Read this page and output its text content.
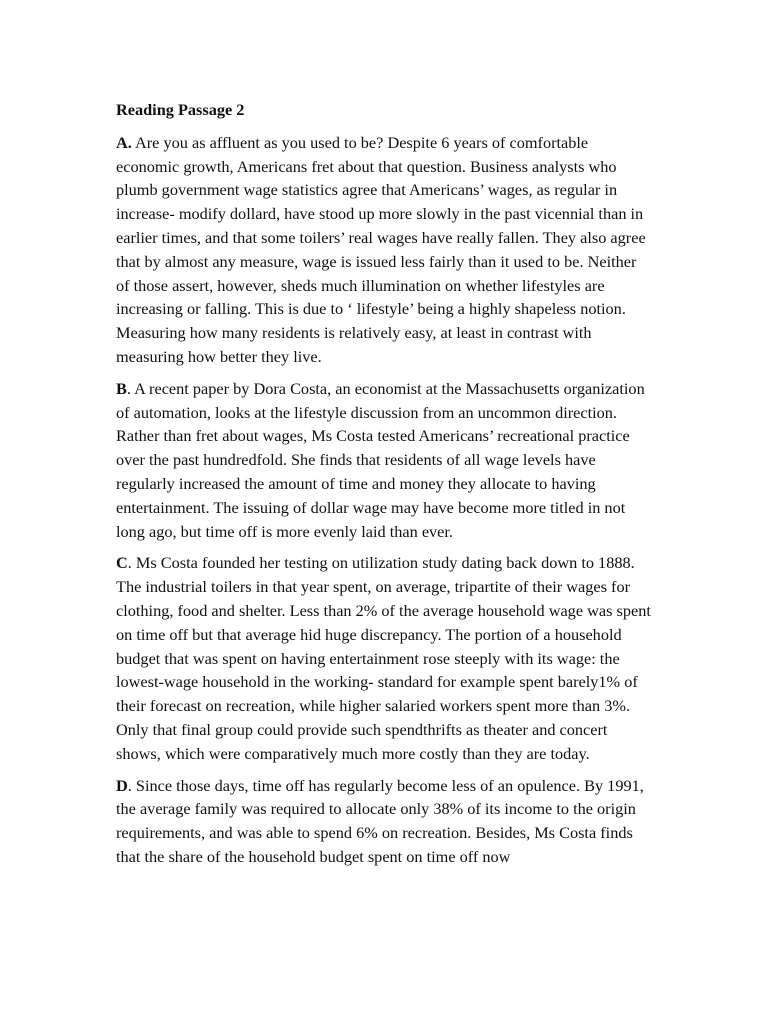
Reading Passage 2

A. Are you as affluent as you used to be? Despite 6 years of comfortable economic growth, Americans fret about that question. Business analysts who plumb government wage statistics agree that Americans’ wages, as regular in increase- modify dollard, have stood up more slowly in the past vicennial than in earlier times, and that some toilers’ real wages have really fallen. They also agree that by almost any measure, wage is issued less fairly than it used to be. Neither of those assert, however, sheds much illumination on whether lifestyles are increasing or falling. This is due to ‘ lifestyle’ being a highly shapeless notion. Measuring how many residents is relatively easy, at least in contrast with measuring how better they live.

B. A recent paper by Dora Costa, an economist at the Massachusetts organization of automation, looks at the lifestyle discussion from an uncommon direction. Rather than fret about wages, Ms Costa tested Americans’ recreational practice over the past hundredfold. She finds that residents of all wage levels have regularly increased the amount of time and money they allocate to having entertainment. The issuing of dollar wage may have become more titled in not long ago, but time off is more evenly laid than ever.

C. Ms Costa founded her testing on utilization study dating back down to 1888. The industrial toilers in that year spent, on average, tripartite of their wages for clothing, food and shelter. Less than 2% of the average household wage was spent on time off but that average hid huge discrepancy. The portion of a household budget that was spent on having entertainment rose steeply with its wage: the lowest-wage household in the working- standard for example spent barely1% of their forecast on recreation, while higher salaried workers spent more than 3%. Only that final group could provide such spendthrifts as theater and concert shows, which were comparatively much more costly than they are today.

D. Since those days, time off has regularly become less of an opulence. By 1991, the average family was required to allocate only 38% of its income to the origin requirements, and was able to spend 6% on recreation. Besides, Ms Costa finds that the share of the household budget spent on time off now
